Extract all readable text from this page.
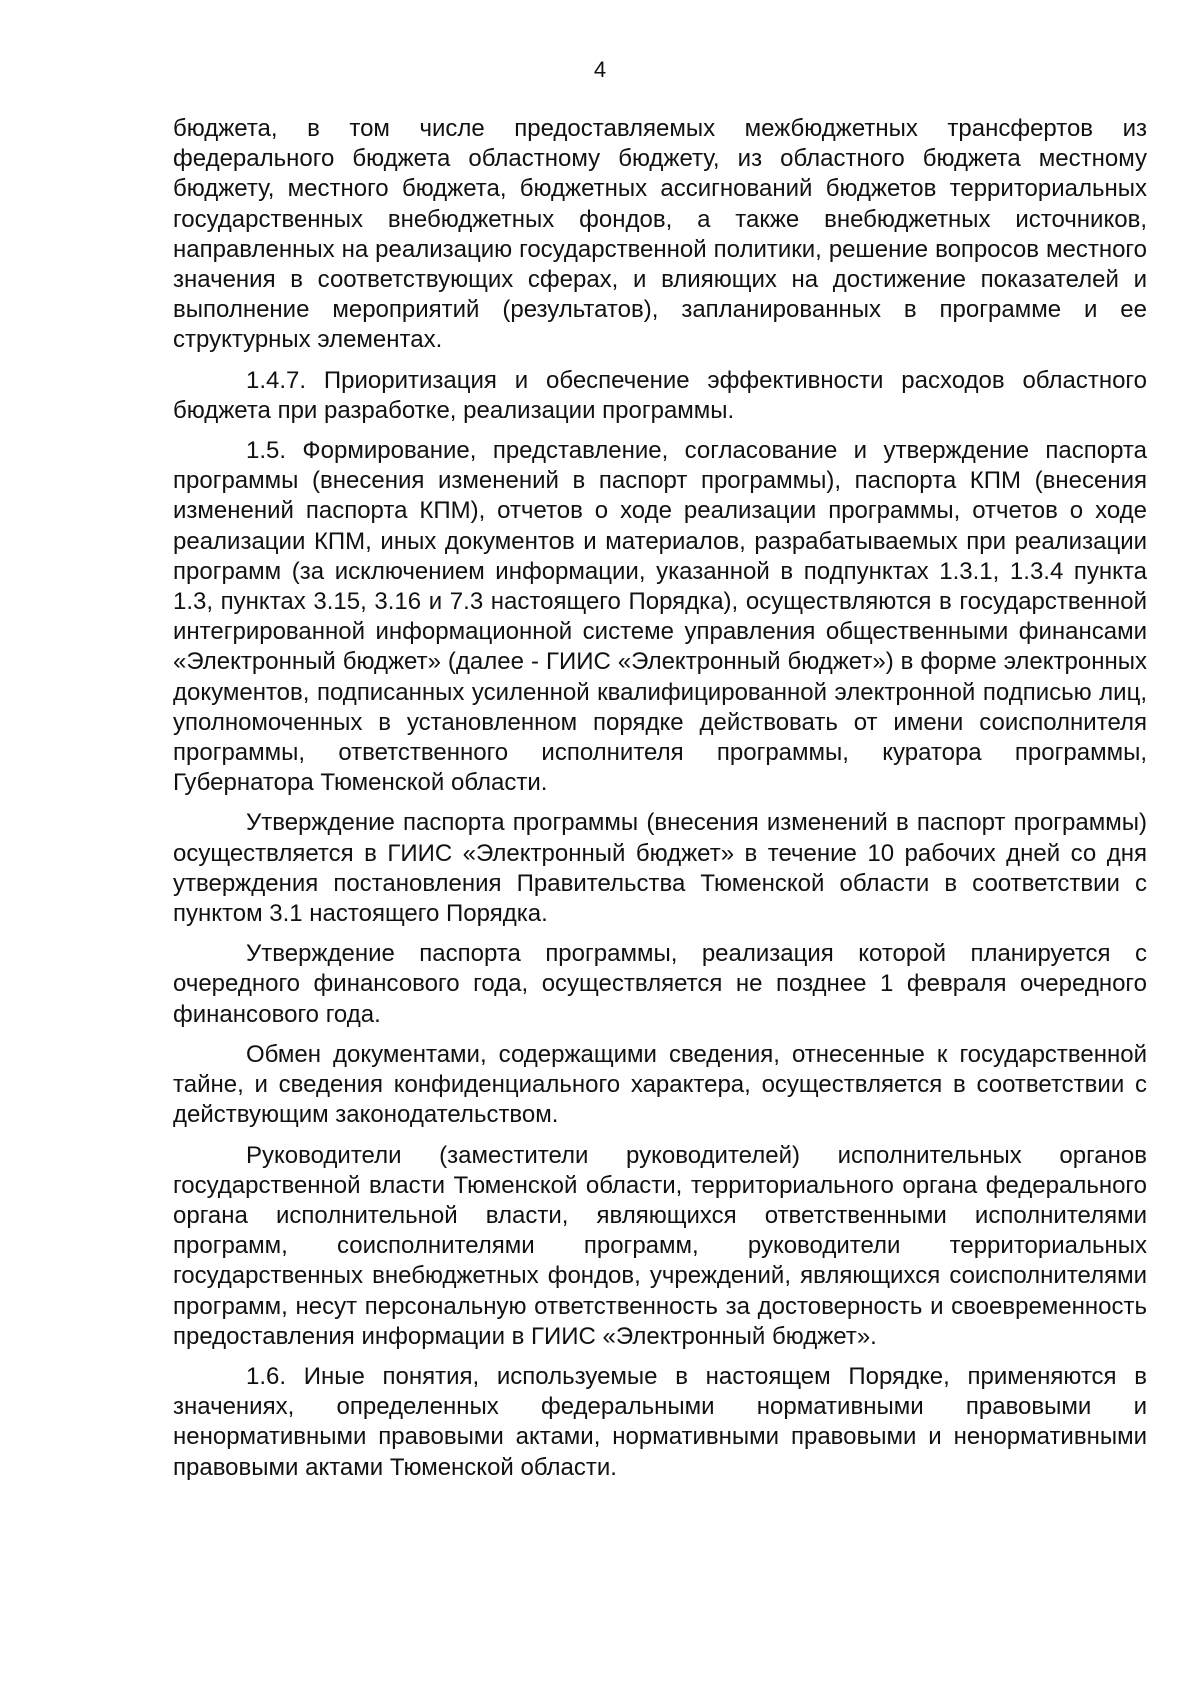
4

бюджета, в том числе предоставляемых межбюджетных трансфертов из федерального бюджета областному бюджету, из областного бюджета местному бюджету, местного бюджета, бюджетных ассигнований бюджетов территориальных государственных внебюджетных фондов, а также внебюджетных источников, направленных на реализацию государственной политики, решение вопросов местного значения в соответствующих сферах, и влияющих на достижение показателей и выполнение мероприятий (результатов), запланированных в программе и ее структурных элементах.

1.4.7. Приоритизация и обеспечение эффективности расходов областного бюджета при разработке, реализации программы.

1.5. Формирование, представление, согласование и утверждение паспорта программы (внесения изменений в паспорт программы), паспорта КПМ (внесения изменений паспорта КПМ), отчетов о ходе реализации программы, отчетов о ходе реализации КПМ, иных документов и материалов, разрабатываемых при реализации программ (за исключением информации, указанной в подпунктах 1.3.1, 1.3.4 пункта 1.3, пунктах 3.15, 3.16 и 7.3 настоящего Порядка), осуществляются в государственной интегрированной информационной системе управления общественными финансами «Электронный бюджет» (далее - ГИИС «Электронный бюджет») в форме электронных документов, подписанных усиленной квалифицированной электронной подписью лиц, уполномоченных в установленном порядке действовать от имени соисполнителя программы, ответственного исполнителя программы, куратора программы, Губернатора Тюменской области.

Утверждение паспорта программы (внесения изменений в паспорт программы) осуществляется в ГИИС «Электронный бюджет» в течение 10 рабочих дней со дня утверждения постановления Правительства Тюменской области в соответствии с пунктом 3.1 настоящего Порядка.

Утверждение паспорта программы, реализация которой планируется с очередного финансового года, осуществляется не позднее 1 февраля очередного финансового года.

Обмен документами, содержащими сведения, отнесенные к государственной тайне, и сведения конфиденциального характера, осуществляется в соответствии с действующим законодательством.

Руководители (заместители руководителей) исполнительных органов государственной власти Тюменской области, территориального органа федерального органа исполнительной власти, являющихся ответственными исполнителями программ, соисполнителями программ, руководители территориальных государственных внебюджетных фондов, учреждений, являющихся соисполнителями программ, несут персональную ответственность за достоверность и своевременность предоставления информации в ГИИС «Электронный бюджет».

1.6. Иные понятия, используемые в настоящем Порядке, применяются в значениях, определенных федеральными нормативными правовыми и ненормативными правовыми актами, нормативными правовыми и ненормативными правовыми актами Тюменской области.
